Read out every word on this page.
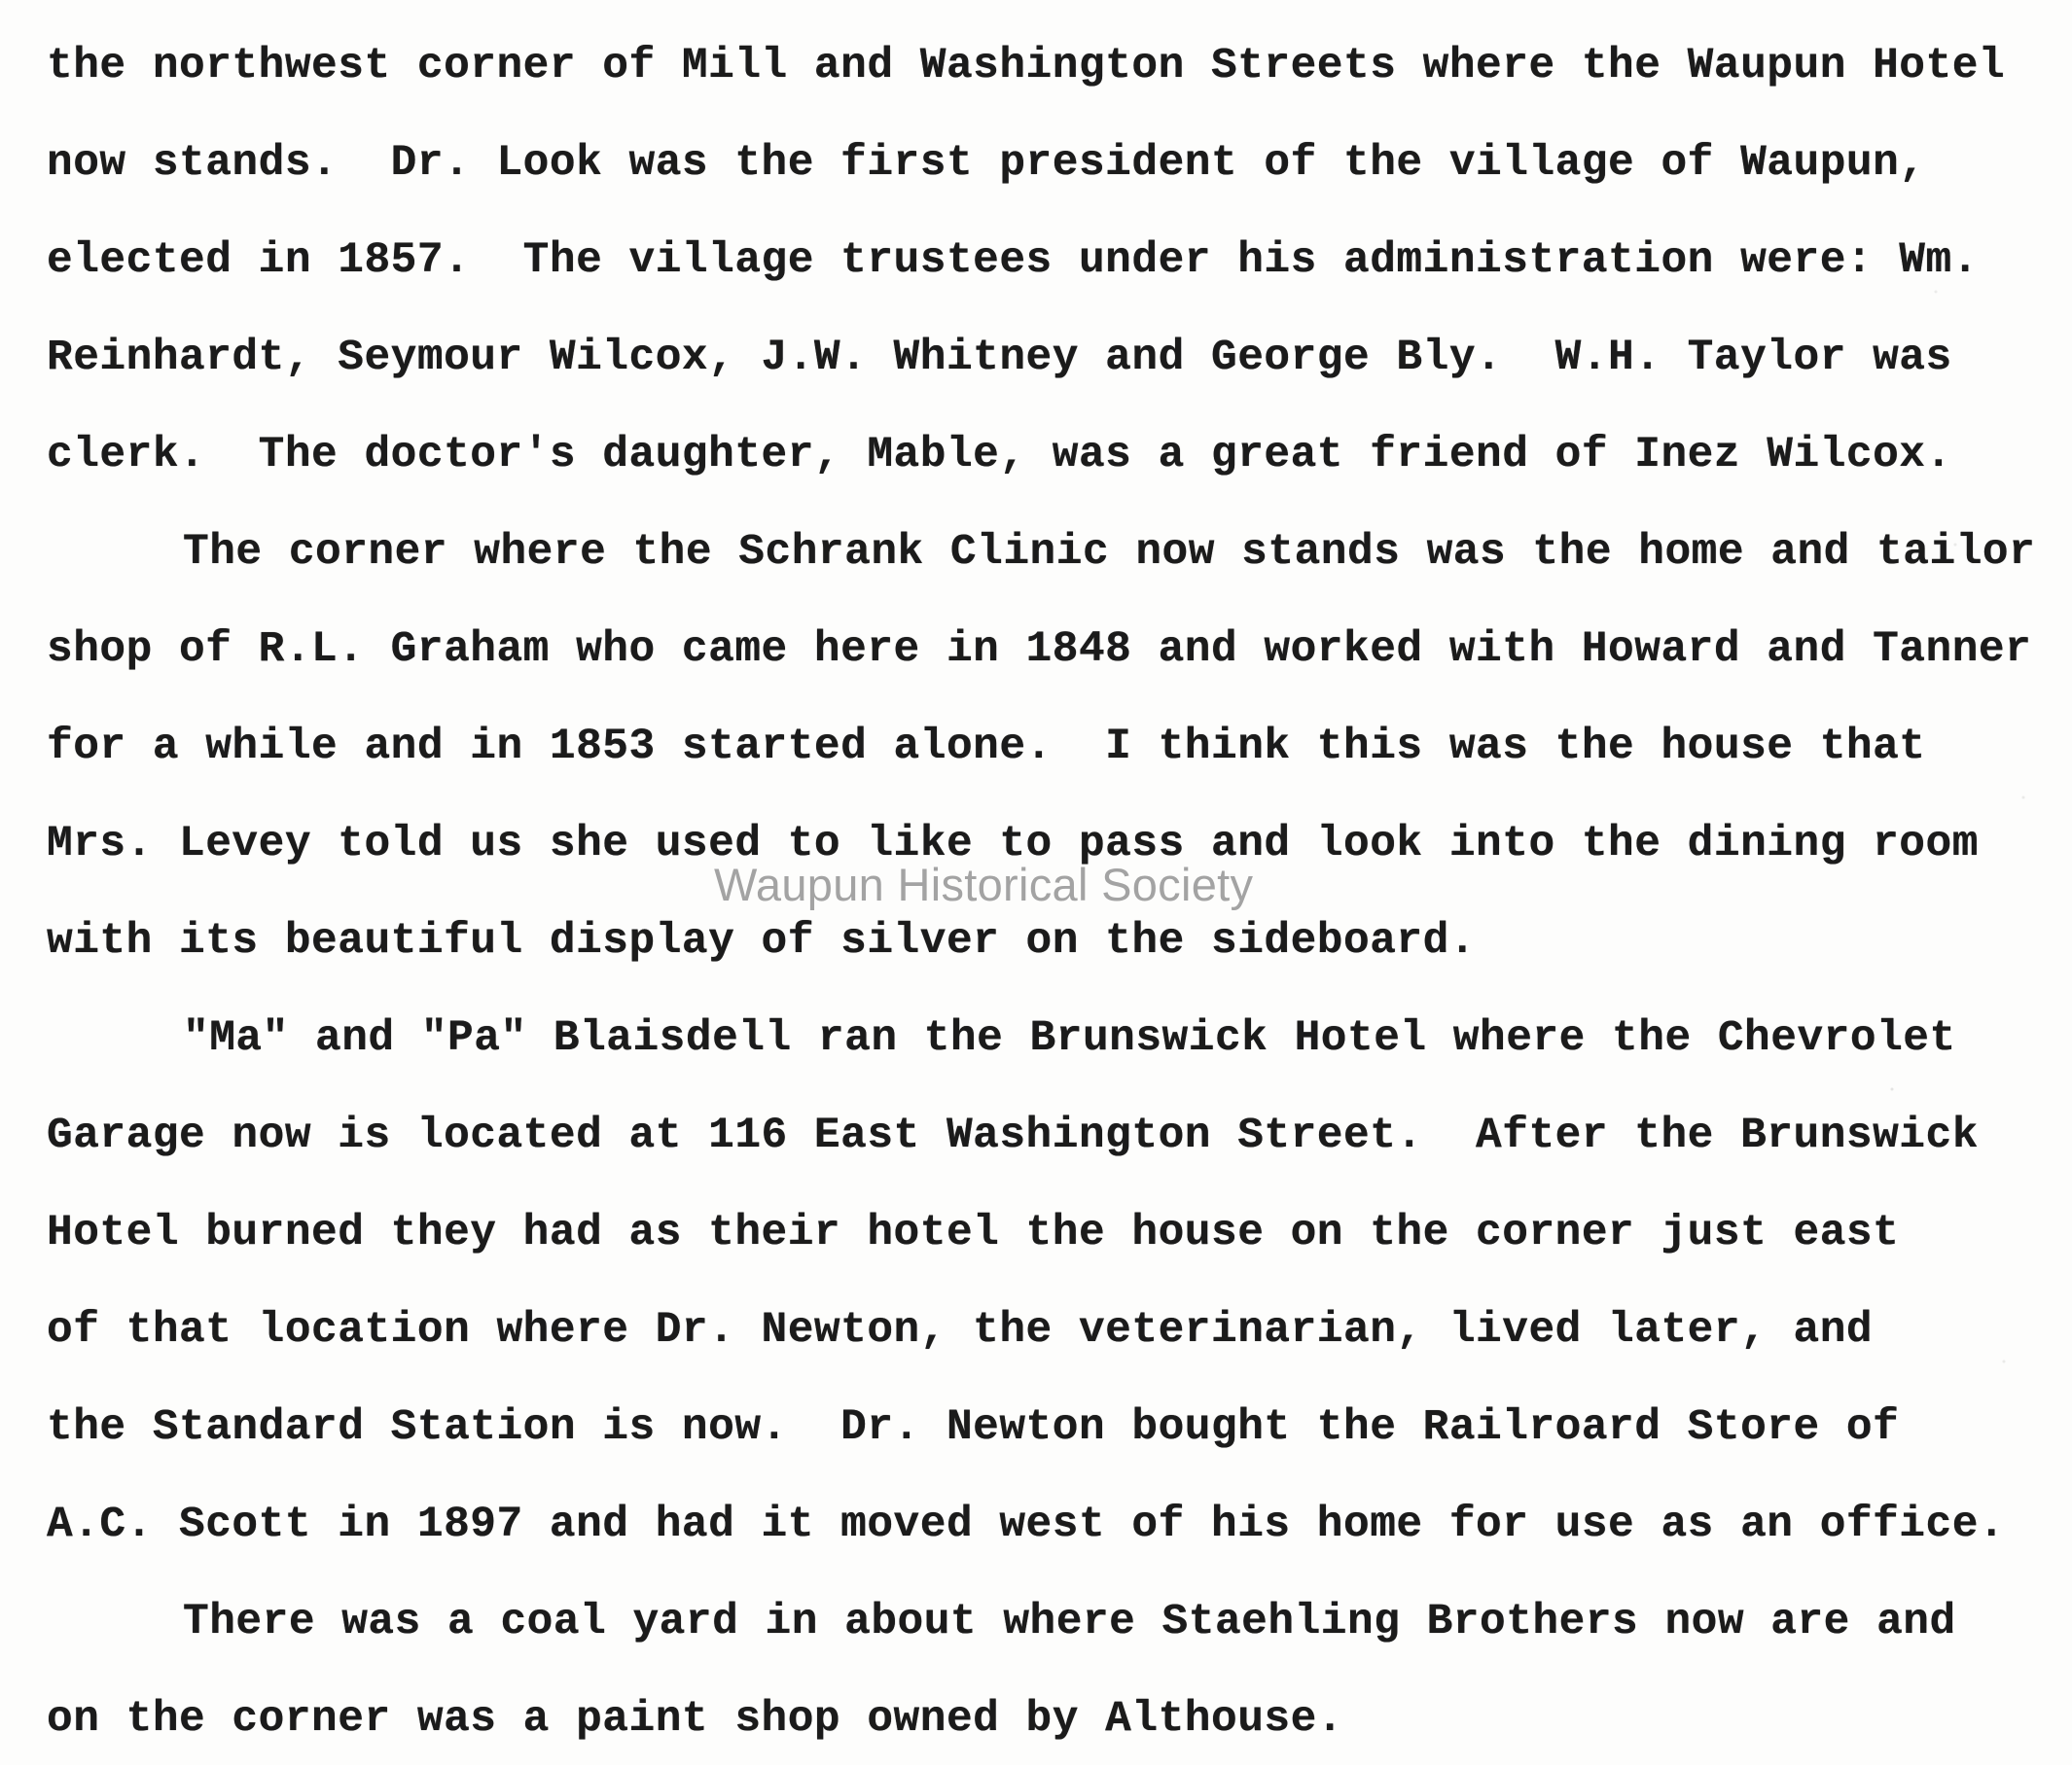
the northwest corner of Mill and Washington Streets where the Waupun Hotel
now stands.  Dr. Look was the first president of the village of Waupun,
elected in 1857.  The village trustees under his administration were: Wm.
Reinhardt, Seymour Wilcox, J.W. Whitney and George Bly.  W.H. Taylor was
clerk.  The doctor's daughter, Mable, was a great friend of Inez Wilcox.
The corner where the Schrank Clinic now stands was the home and tailor
shop of R.L. Graham who came here in 1848 and worked with Howard and Tanner
for a while and in 1853 started alone.  I think this was the house that
Mrs. Levey told us she used to like to pass and look into the dining room
with its beautiful display of silver on the sideboard.
"Ma" and "Pa" Blaisdell ran the Brunswick Hotel where the Chevrolet
Garage now is located at 116 East Washington Street.  After the Brunswick
Hotel burned they had as their hotel the house on the corner just east
of that location where Dr. Newton, the veterinarian, lived later, and
the Standard Station is now.  Dr. Newton bought the Railroard Store of
A.C. Scott in 1897 and had it moved west of his home for use as an office.
There was a coal yard in about where Staehling Brothers now are and
on the corner was a paint shop owned by Althouse.
Waupun Historical Society
